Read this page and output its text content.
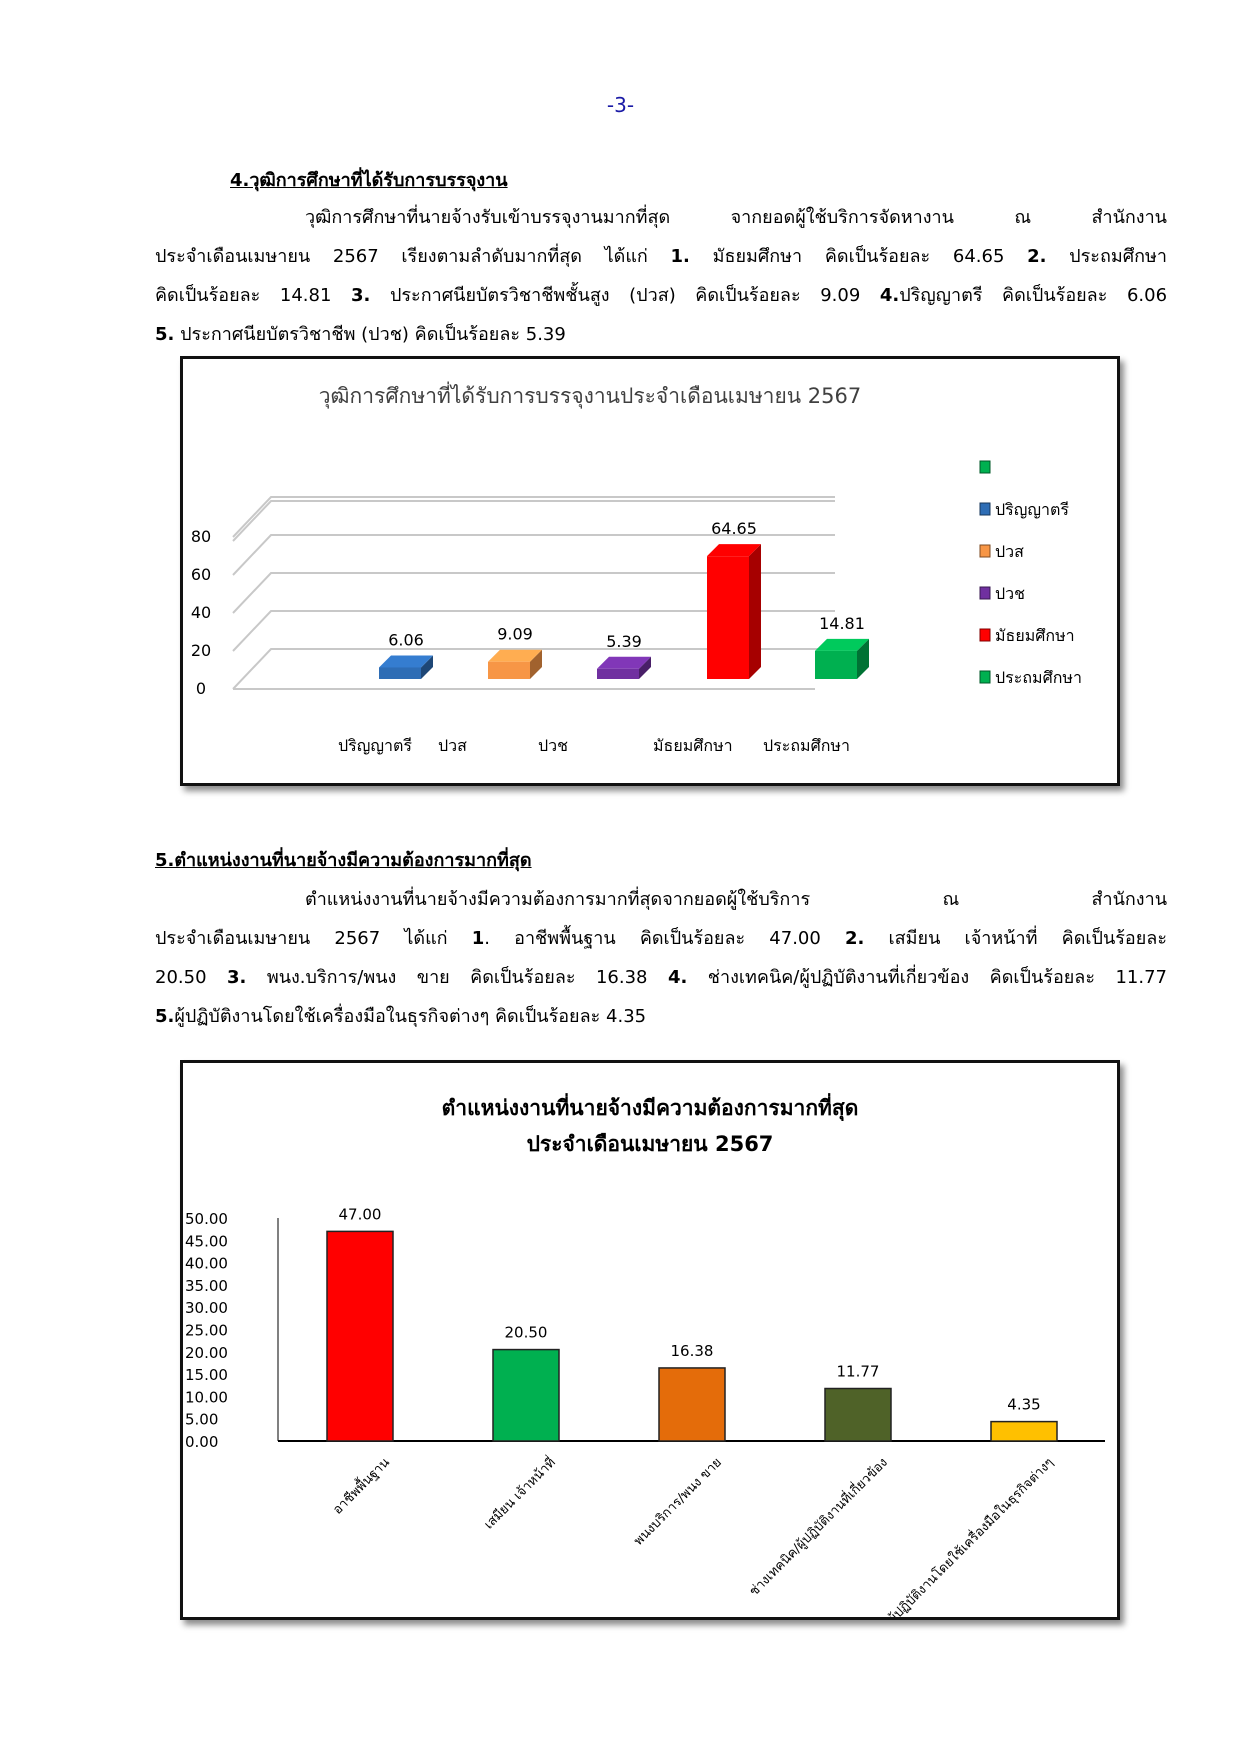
-3-
4.วุฒิการศึกษาที่ได้รับการบรรจุงาน
วุฒิการศึกษาที่นายจ้างรับเข้าบรรจุงานมากที่สุด จากยอดผู้ใช้บริการจัดหางาน ณ สำนักงาน
ประจำเดือนเมษายน 2567 เรียงตามลำดับมากที่สุด ได้แก่ 1. มัธยมศึกษา คิดเป็นร้อยละ 64.65 2. ประถมศึกษา
คิดเป็นร้อยละ 14.81 3. ประกาศนียบัตรวิชาชีพชั้นสูง (ปวส) คิดเป็นร้อยละ 9.09 4.ปริญญาตรี คิดเป็นร้อยละ 6.06
5. ประกาศนียบัตรวิชาชีพ (ปวช) คิดเป็นร้อยละ 5.39
วุฒิการศึกษาที่ได้รับการบรรจุงานประจำเดือนเมษายน 2567
0
20
40
60
80
6.06	9.09	5.39
64.65
14.81
ปริญญาตรี ปวส	ปวช	มัธยมศึกษา ประถมศึกษา
ปริญญาตรี
ปวส
ปวช
มัธยมศึกษา
ประถมศึกษา
5.ตำแหน่งงานที่นายจ้างมีความต้องการมากที่สุด
ตำแหน่งงานที่นายจ้างมีความต้องการมากที่สุดจากยอดผู้ใช้บริการ ณ สำนักงาน
ประจำเดือนเมษายน 2567 ได้แก่ 1. อาชีพพื้นฐาน คิดเป็นร้อยละ 47.00 2. เสมียน เจ้าหน้าที่ คิดเป็นร้อยละ
20.50 3. พนง.บริการ/พนง ขาย คิดเป็นร้อยละ 16.38 4. ช่างเทคนิค/ผู้ปฏิบัติงานที่เกี่ยวข้อง คิดเป็นร้อยละ 11.77
5.ผู้ปฏิบัติงานโดยใช้เครื่องมือในธุรกิจต่างๆ คิดเป็นร้อยละ 4.35
ตำแหน่งงานที่นายจ้างมีความต้องการมากที่สุด
ประจำเดือนเมษายน 2567
0.00
5.00
10.00
15.00
20.00
25.00
30.00
35.00
40.00
45.00
50.00	47.00
20.50
16.38
11.77
4.35
อาชีพพื้นฐาน	เสมียน เจ้าหน้าที่	พนงบริการ/พนง ขาย ช่างเทคนิค/ผู้ปฏิบัติงานที่เกี่ยวข้อง
ผู้ปฏิบัติงานโดยใช้เครื่องมือในธุรกิจต่างๆ
